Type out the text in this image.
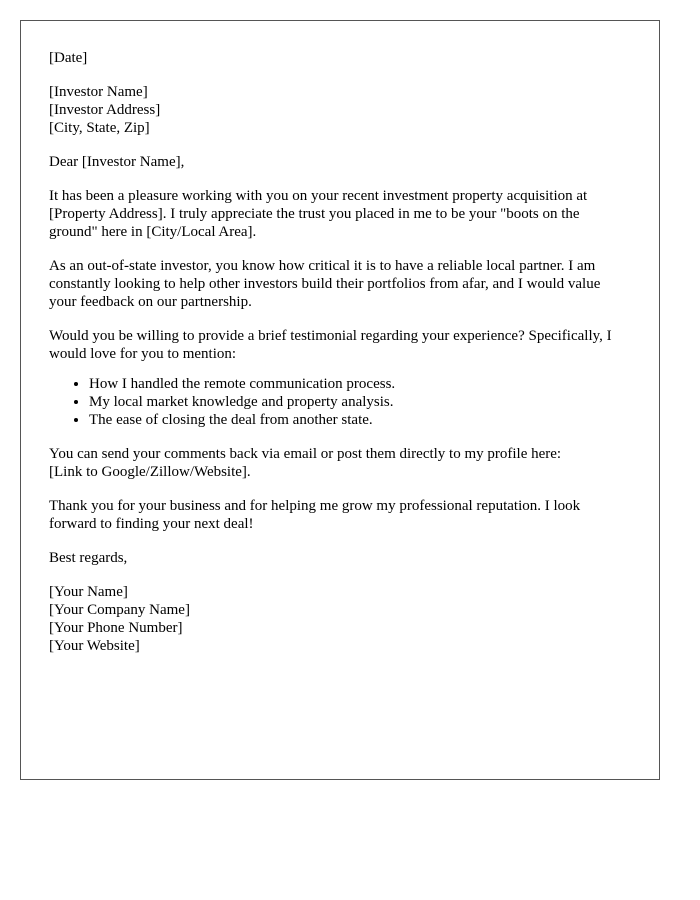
[Date]
[Investor Name]
[Investor Address]
[City, State, Zip]

Dear [Investor Name],

It has been a pleasure working with you on your recent investment property acquisition at [Property Address]. I truly appreciate the trust you placed in me to be your "boots on the ground" here in [City/Local Area].

As an out-of-state investor, you know how critical it is to have a reliable local partner. I am constantly looking to help other investors build their portfolios from afar, and I would value your feedback on our partnership.

Would you be willing to provide a brief testimonial regarding your experience? Specifically, I would love for you to mention:

• How I handled the remote communication process.
• My local market knowledge and property analysis.
• The ease of closing the deal from another state.

You can send your comments back via email or post them directly to my profile here:
[Link to Google/Zillow/Website].

Thank you for your business and for helping me grow my professional reputation. I look forward to finding your next deal!

Best regards,

[Your Name]
[Your Company Name]
[Your Phone Number]
[Your Website]
